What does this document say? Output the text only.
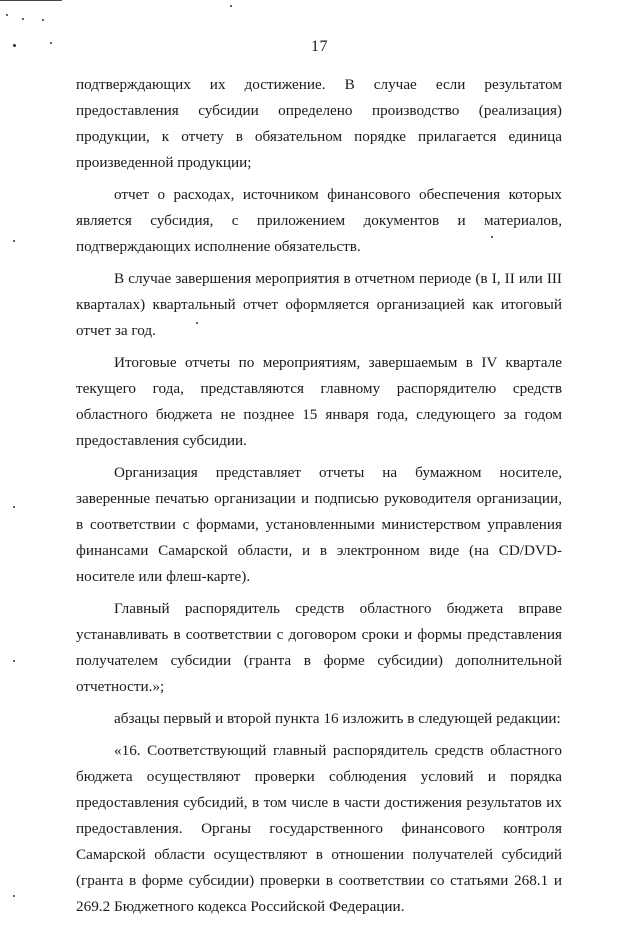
17

подтверждающих их достижение. В случае если результатом предоставления субсидии определено производство (реализация) продукции, к отчету в обязательном порядке прилагается единица произведенной продукции;

отчет о расходах, источником финансового обеспечения которых является субсидия, с приложением документов и материалов, подтверждающих исполнение обязательств.

В случае завершения мероприятия в отчетном периоде (в I, II или III кварталах) квартальный отчет оформляется организацией как итоговый отчет за год.

Итоговые отчеты по мероприятиям, завершаемым в IV квартале текущего года, представляются главному распорядителю средств областного бюджета не позднее 15 января года, следующего за годом предоставления субсидии.

Организация представляет отчеты на бумажном носителе, заверенные печатью организации и подписью руководителя организации, в соответствии с формами, установленными министерством управления финансами Самарской области, и в электронном виде (на CD/DVD-носителе или флеш-карте).

Главный распорядитель средств областного бюджета вправе устанавливать в соответствии с договором сроки и формы представления получателем субсидии (гранта в форме субсидии) дополнительной отчетности.»;

абзацы первый и второй пункта 16 изложить в следующей редакции:

«16. Соответствующий главный распорядитель средств областного бюджета осуществляют проверки соблюдения условий и порядка предоставления субсидий, в том числе в части достижения результатов их предоставления. Органы государственного финансового контроля Самарской области осуществляют в отношении получателей субсидий (гранта в форме субсидии) проверки в соответствии со статьями 268.1 и 269.2 Бюджетного кодекса Российской Федерации.
